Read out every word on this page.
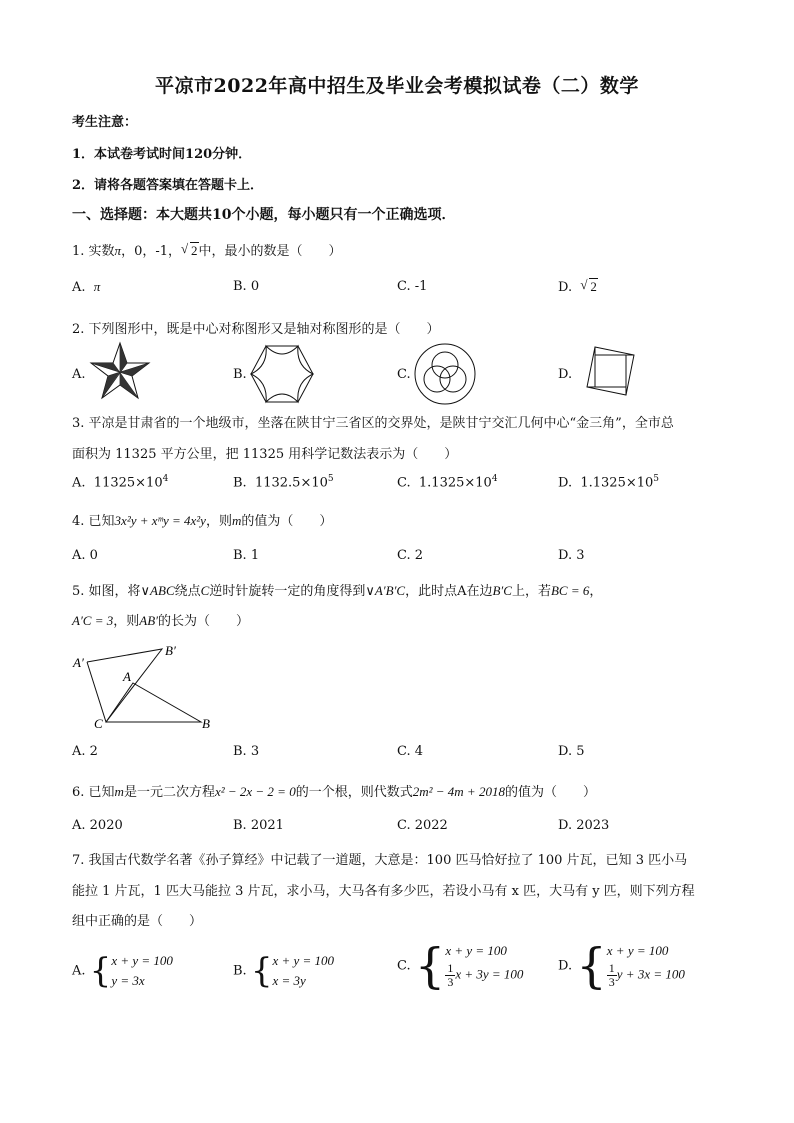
平凉市2022年高中招生及毕业会考模拟试卷（二）数学
考生注意：
1．本试卷考试时间120分钟．
2．请将各题答案填在答题卡上．
一、选择题：本大题共10个小题，每小题只有一个正确选项．
1. 实数π，0，-1， √ 2中，最小的数是（　　）
A. π	B. 0	C. -1	D. √ 2
2. 下列图形中，既是中心对称图形又是轴对称图形的是（　　）
A.	B.	C.	D.
3. 平凉是甘肃省的一个地级市，坐落在陕甘宁三省区的交界处，是陕甘宁交汇几何中心“金三角”，全市总
面积为 11325 平方公里，把 11325 用科学记数法表示为（　　）
A. $11325\times 10^4$	B. $1132.5\times 10^5$	C. $1.1325\times 10^4$	D. $1.1325\times 10^5$
4. 已知3x²y + xᵐy = 4x²y，则m的值为（　　）
A. 0	B. 1	C. 2	D. 3
5. 如图，将∨ABC绕点C逆时针旋转一定的角度得到∨A′B′C，此时点A在边B′C上，若BC = 6，
A′C = 3，则AB′的长为（　　）
A′
B′
A
C	B
A. 2	B. 3	C. 4	D. 5
6. 已知m是一元二次方程x² − 2x − 2 = 0的一个根，则代数式2m² − 4m + 2018的值为（　　）
A. 2020	B. 2021	C. 2022	D. 2023
7. 我国古代数学名著《孙子算经》中记载了一道题，大意是：100 匹马恰好拉了 100 片瓦，已知 3 匹小马
能拉 1 片瓦，1 匹大马能拉 3 片瓦，求小马，大马各有多少匹，若设小马有 x 匹，大马有 y 匹，则下列方程
组中正确的是（　　）
A. { x + y = 100
y = 3x
B. { x + y = 100
x = 3y
C. { x + y = 100
$\frac{1}{3}$ x + 3y = 100
D. { x + y = 100
$\frac{1}{3}$ y + 3x = 100
